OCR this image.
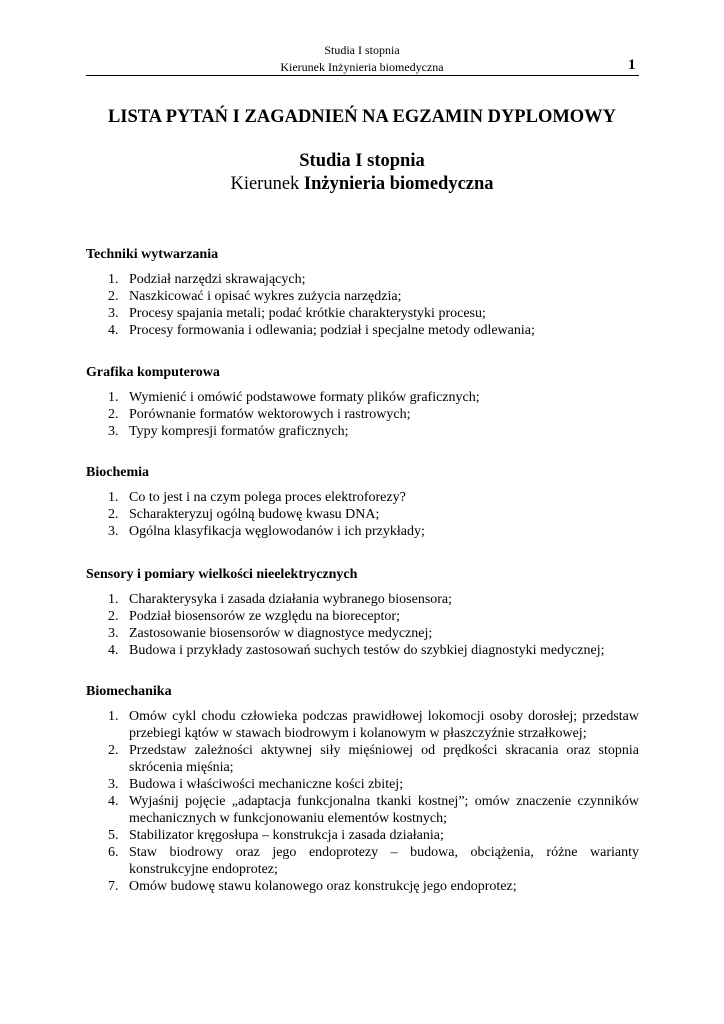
Studia I stopnia
Kierunek Inżynieria biomedyczna	1
LISTA PYTAŃ I ZAGADNIEŃ NA EGZAMIN DYPLOMOWY
Studia I stopnia
Kierunek Inżynieria biomedyczna
Techniki wytwarzania
1. Podział narzędzi skrawających;
2. Naszkicować i opisać wykres zużycia narzędzia;
3. Procesy spajania metali; podać krótkie charakterystyki procesu;
4. Procesy formowania i odlewania; podział i specjalne metody odlewania;
Grafika komputerowa
1. Wymienić i omówić podstawowe formaty plików graficznych;
2. Porównanie formatów wektorowych i rastrowych;
3. Typy kompresji formatów graficznych;
Biochemia
1. Co to jest i na czym polega proces elektroforezy?
2. Scharakteryzuj ogólną budowę kwasu DNA;
3. Ogólna klasyfikacja węglowodanów i ich przykłady;
Sensory i pomiary wielkości nieelektrycznych
1. Charakterysyka i zasada działania wybranego biosensora;
2. Podział biosensorów ze względu na bioreceptor;
3. Zastosowanie biosensorów w diagnostyce medycznej;
4. Budowa i przykłady zastosowań suchych testów do szybkiej diagnostyki medycznej;
Biomechanika
1. Omów cykl chodu człowieka podczas prawidłowej lokomocji osoby dorosłej; przedstaw przebiegi kątów w stawach biodrowym i kolanowym w płaszczyźnie strzałkowej;
2. Przedstaw zależności aktywnej siły mięśniowej od prędkości skracania oraz stopnia skrócenia mięśnia;
3. Budowa i właściwości mechaniczne kości zbitej;
4. Wyjaśnij pojęcie „adaptacja funkcjonalna tkanki kostnej”; omów znaczenie czynników mechanicznych w funkcjonowaniu elementów kostnych;
5. Stabilizator kręgosłupa – konstrukcja i zasada działania;
6. Staw biodrowy oraz jego endoprotezy – budowa, obciążenia, różne warianty konstrukcyjne endoprotez;
7. Omów budowę stawu kolanowego oraz konstrukcję jego endoprotez;
